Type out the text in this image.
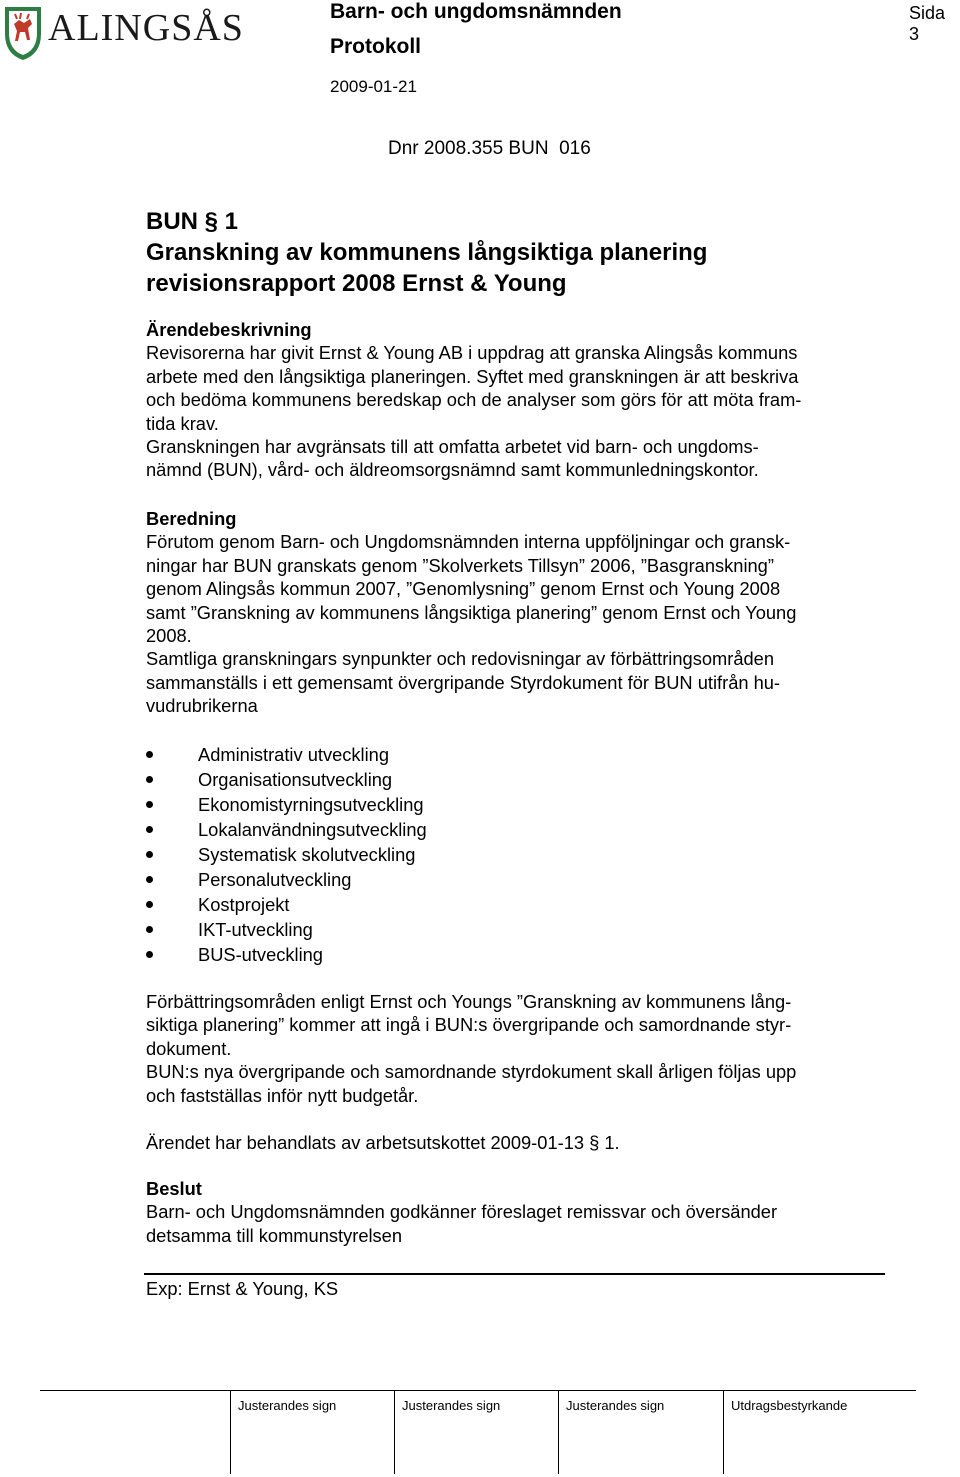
ALINGSÅS	Barn- och ungdomsnämnden
Protokoll
2009-01-21
Sida 3
Dnr 2008.355 BUN  016
BUN § 1
Granskning av kommunens långsiktiga planering
revisionsrapport 2008 Ernst & Young
Ärendebeskrivning
Revisorerna har givit Ernst & Young AB i uppdrag att granska Alingsås kommuns
arbete med den långsiktiga planeringen. Syftet med granskningen är att beskriva
och bedöma kommunens beredskap och de analyser som görs för att möta fram-
tida krav.
Granskningen har avgränsats till att omfatta arbetet vid barn- och ungdoms-
nämnd (BUN), vård- och äldreomsorgsnämnd samt kommunledningskontor.
Beredning
Förutom genom Barn- och Ungdomsnämnden interna uppföljningar och gransk-
ningar har BUN granskats genom ”Skolverkets Tillsyn” 2006, ”Basgranskning”
genom Alingsås kommun 2007, ”Genomlysning” genom Ernst och Young 2008
samt ”Granskning av kommunens långsiktiga planering” genom Ernst och Young
2008.
Samtliga granskningars synpunkter och redovisningar av förbättringsområden
sammanställs i ett gemensamt övergripande Styrdokument för BUN utifrån hu-
vudrubrikerna
Administrativ utveckling
Organisationsutveckling
Ekonomistyrningsutveckling
Lokalanvändningsutveckling
Systematisk skolutveckling
Personalutveckling
Kostprojekt
IKT-utveckling
BUS-utveckling
Förbättringsområden enligt Ernst och Youngs ”Granskning av kommunens lång-
siktiga planering” kommer att ingå i BUN:s övergripande och samordnande styr-
dokument.
BUN:s nya övergripande och samordnande styrdokument skall årligen följas upp
och fastställas inför nytt budgetår.
Ärendet har behandlats av arbetsutskottet 2009-01-13 § 1.
Beslut
Barn- och Ungdomsnämnden godkänner föreslaget remissvar och översänder
detsamma till kommunstyrelsen
Exp: Ernst & Young, KS
Justerandes sign	Justerandes sign	Justerandes sign	Utdragsbestyrkande
